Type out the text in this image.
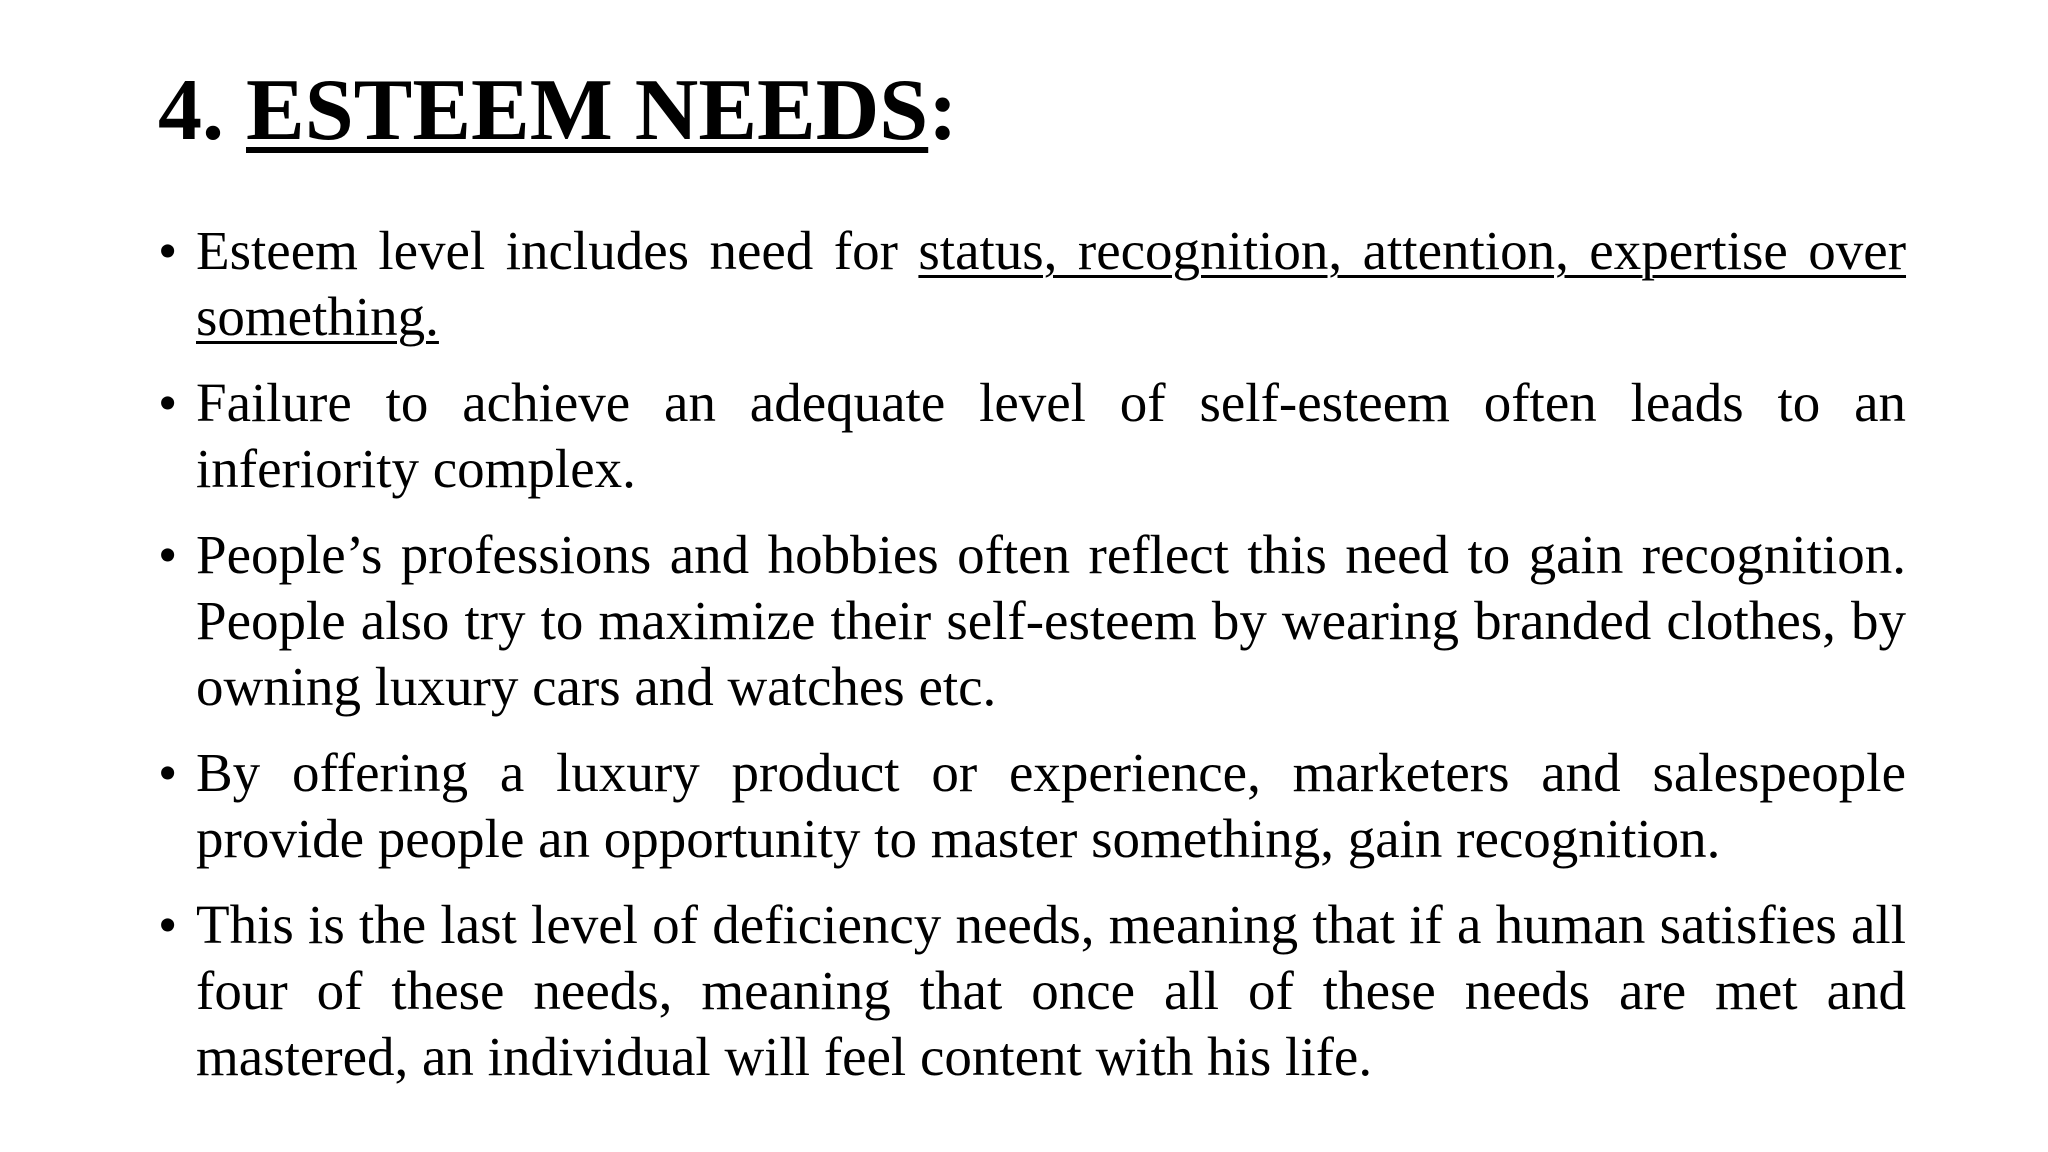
4. ESTEEM NEEDS:
• Esteem level includes need for status, recognition, attention, expertise over something.
• Failure to achieve an adequate level of self-esteem often leads to an inferiority complex.
• People’s professions and hobbies often reflect this need to gain recognition. People also try to maximize their self-esteem by wearing branded clothes, by owning luxury cars and watches etc.
• By offering a luxury product or experience, marketers and salespeople provide people an opportunity to master something, gain recognition.
• This is the last level of deficiency needs, meaning that if a human satisfies all four of these needs, meaning that once all of these needs are met and mastered, an individual will feel content with his life.
